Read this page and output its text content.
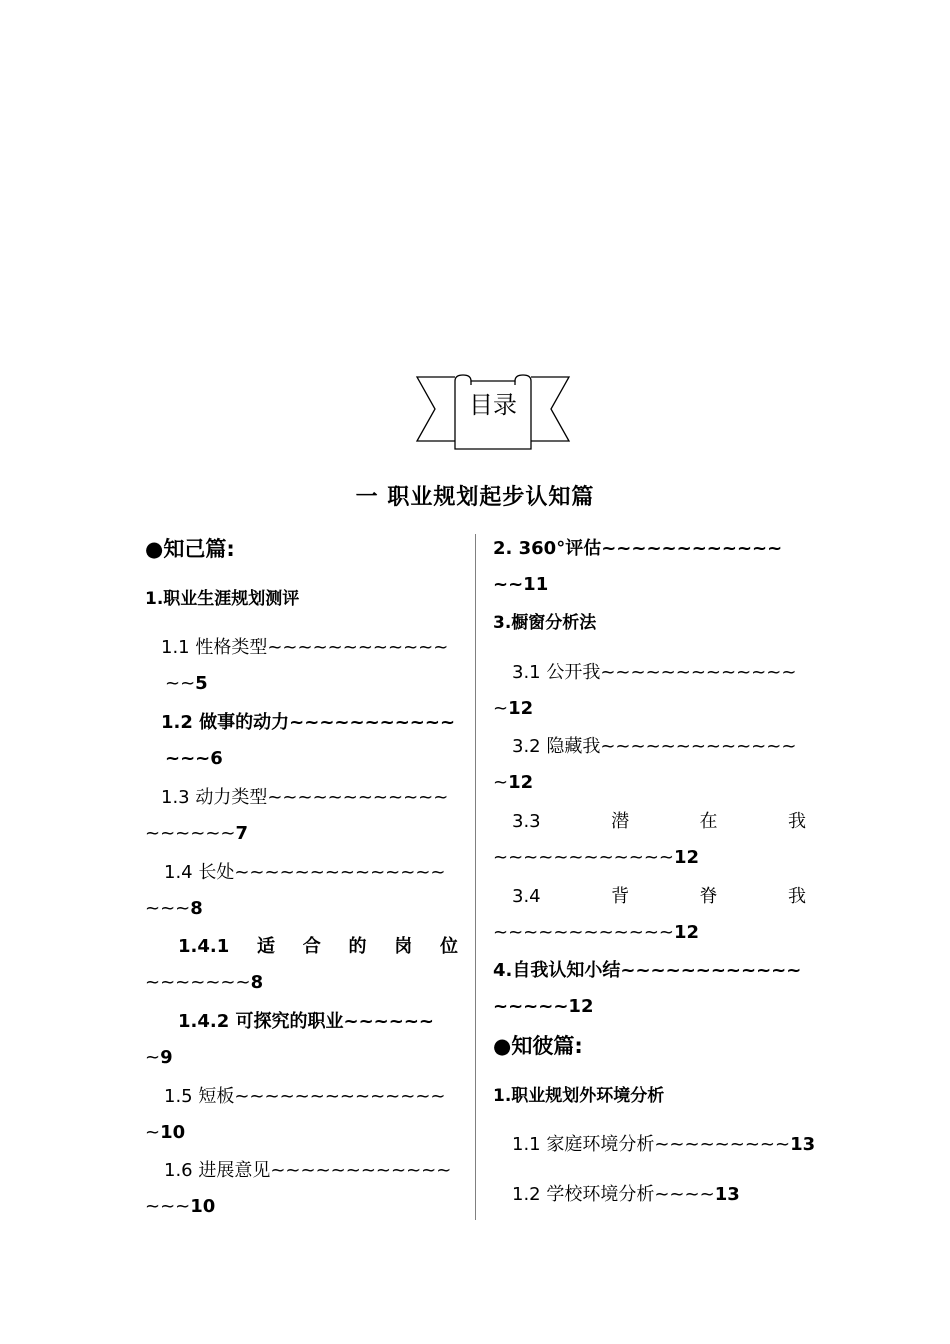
目录
一 职业规划起步认知篇
●知己篇:
1.职业生涯规划测评
1.1 性格类型~~~~~~~~~~~~
~~5
1.2 做事的动力~~~~~~~~~~~
~~~6
1.3 动力类型~~~~~~~~~~~~
~~~~~~7
1.4 长处~~~~~~~~~~~~~~
~~~8
1.4.1 适 合 的 岗 位
~~~~~~~8
1.4.2 可探究的职业~~~~~~
~9
1.5 短板~~~~~~~~~~~~~~
~10
1.6 进展意见~~~~~~~~~~~~
~~~10
2. 360°评估~~~~~~~~~~~~
~~11
3.橱窗分析法
3.1 公开我~~~~~~~~~~~~~
~12
3.2 隐藏我~~~~~~~~~~~~~
~12
3.3	潜	在	我
~~~~~~~~~~~~12
3.4	背	脊	我
~~~~~~~~~~~~12
4.自我认知小结~~~~~~~~~~~~
~~~~~12
●知彼篇:
1.职业规划外环境分析
1.1 家庭环境分析~~~~~~~~~13
1.2 学校环境分析~~~~13
